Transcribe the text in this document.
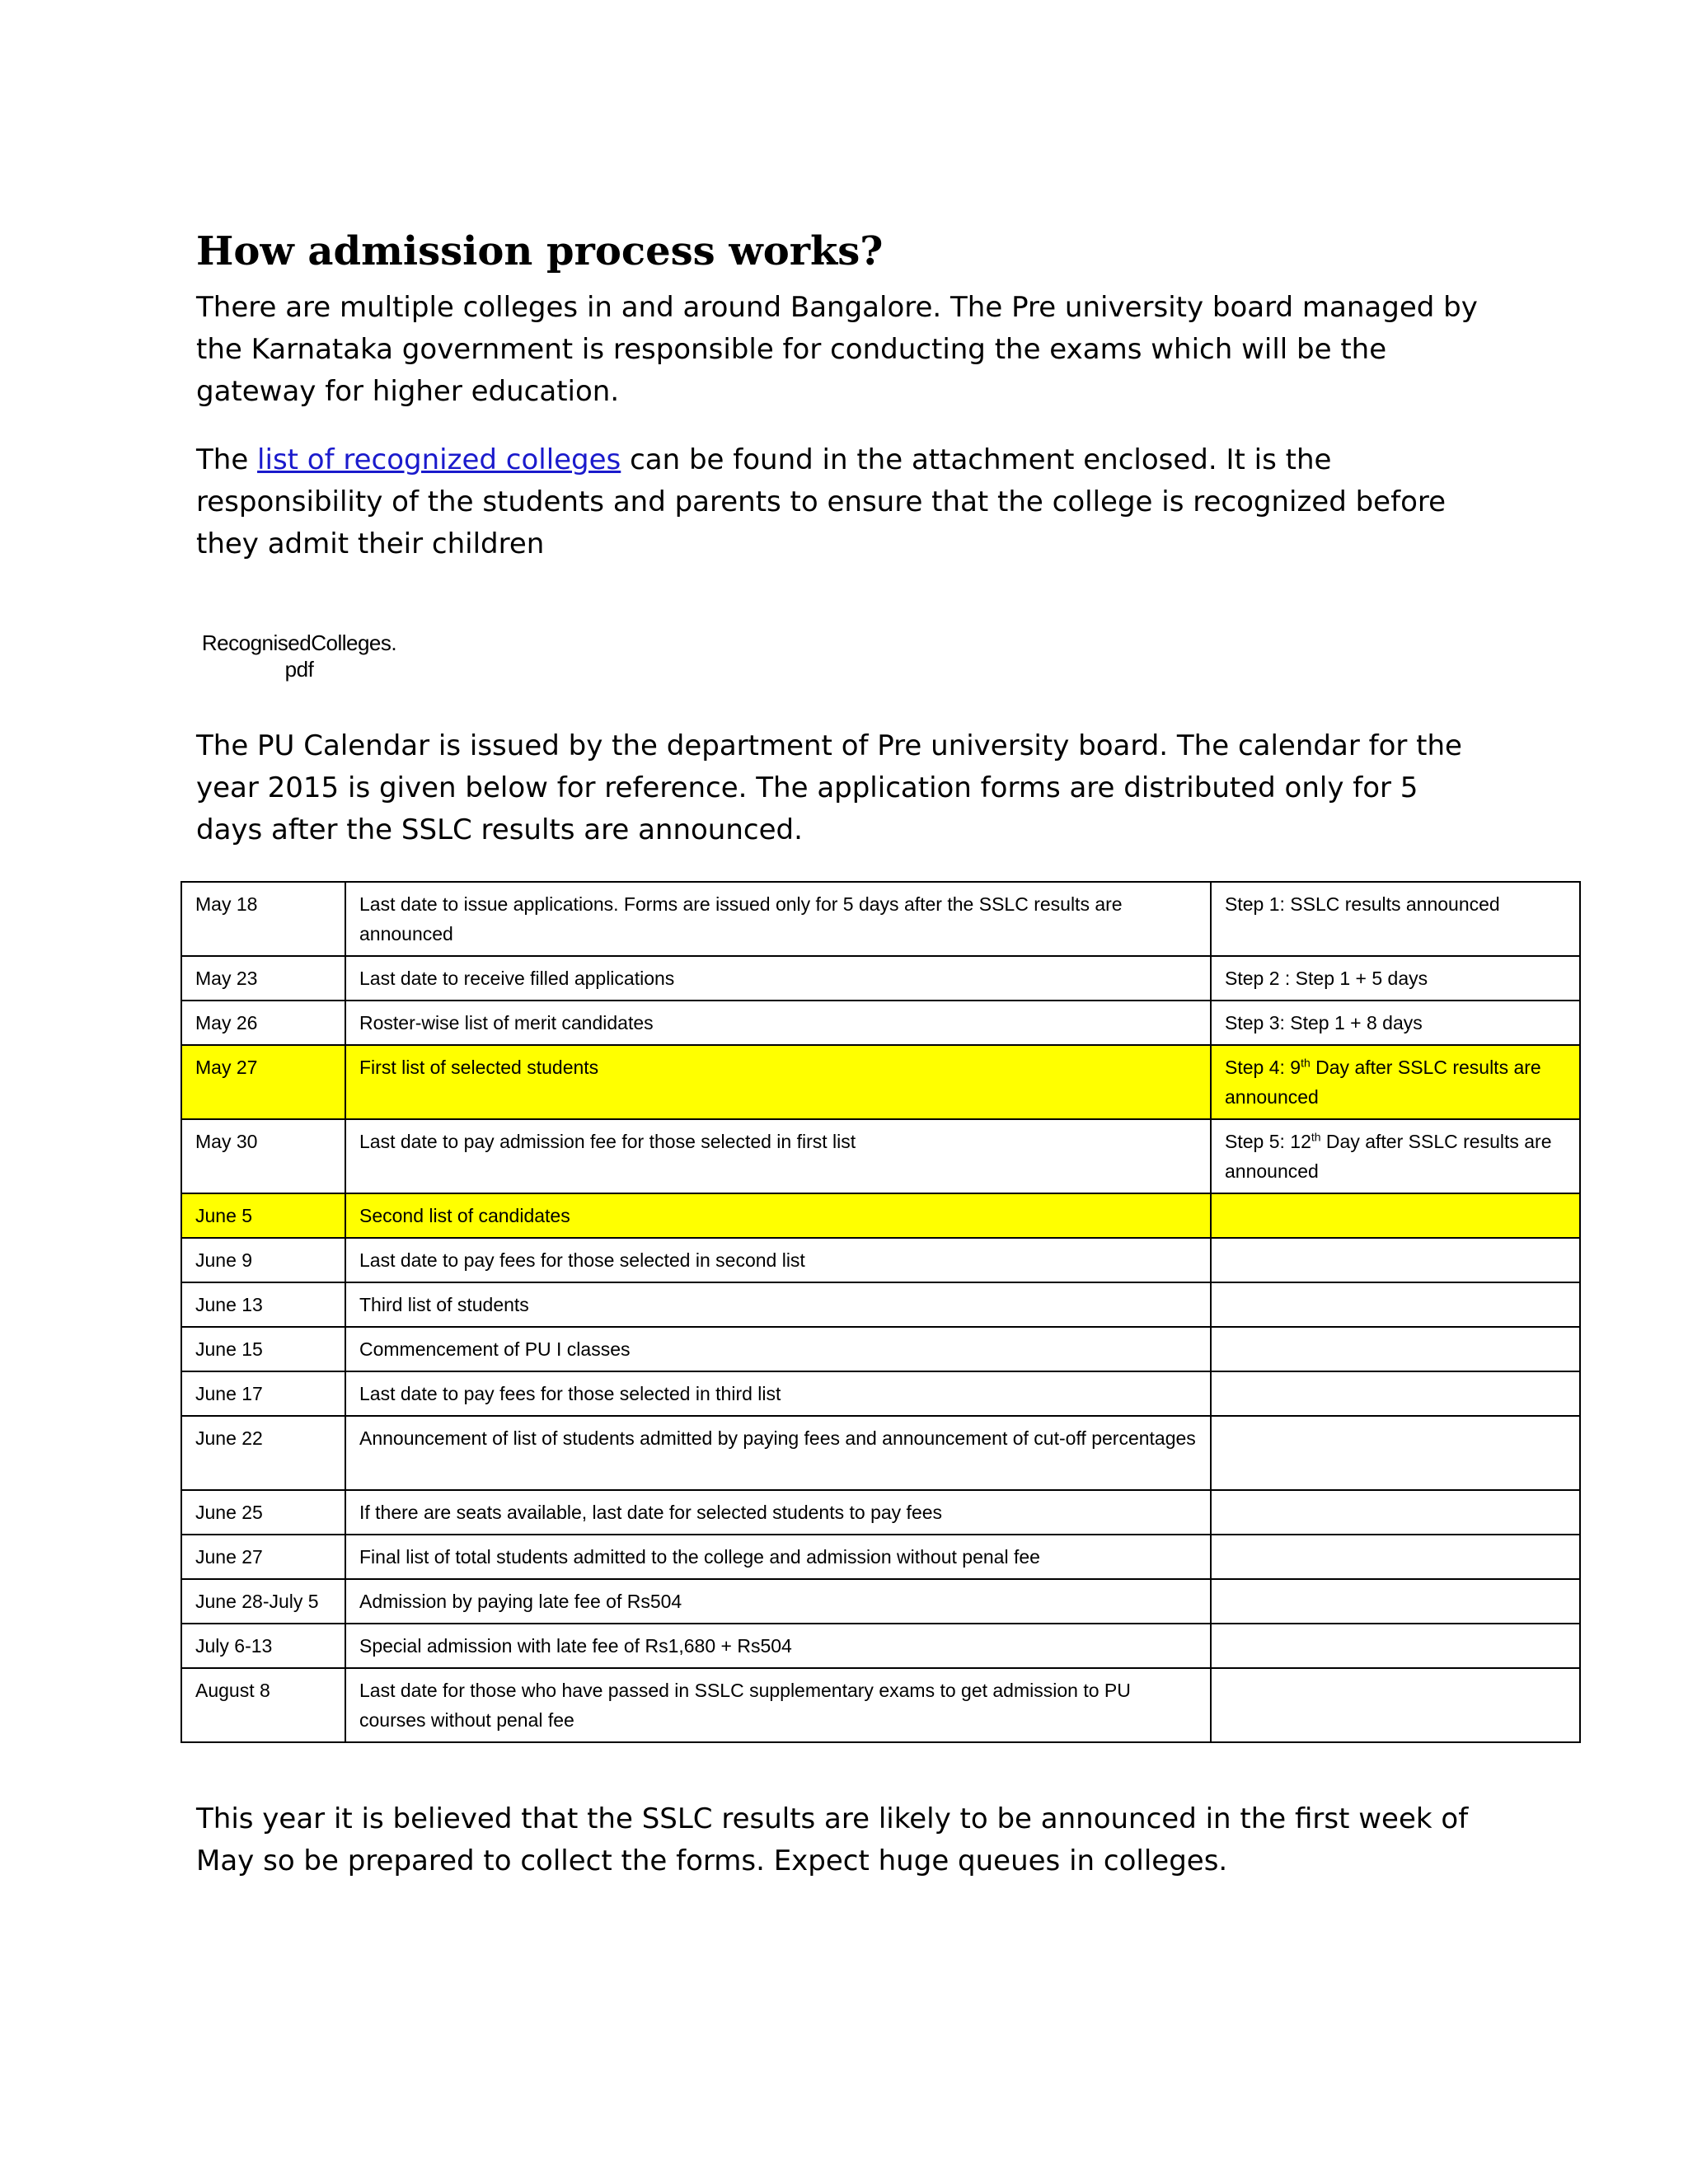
How admission process works?

There are multiple colleges in and around Bangalore. The Pre university board managed by the Karnataka government is responsible for conducting the exams which will be the gateway for higher education.

The list of recognized colleges can be found in the attachment enclosed. It is the responsibility of the students and parents to ensure that the college is recognized before they admit their children

RecognisedColleges.
pdf

The PU Calendar is issued by the department of Pre university board. The calendar for the year 2015 is given below for reference. The application forms are distributed only for 5 days after the SSLC results are announced.

May 18	Last date to issue applications. Forms are issued only for 5 days after the SSLC results are announced	Step 1: SSLC results announced
May 23	Last date to receive filled applications	Step 2 : Step 1 + 5 days
May 26	Roster-wise list of merit candidates	Step 3: Step 1 + 8 days
May 27	First list of selected students	Step 4: 9th Day after SSLC results are announced
May 30	Last date to pay admission fee for those selected in first list	Step 5: 12th Day after SSLC results are announced
June 5	Second list of candidates	
June 9	Last date to pay fees for those selected in second list	
June 13	Third list of students	
June 15	Commencement of PU I classes	
June 17	Last date to pay fees for those selected in third list	
June 22	Announcement of list of students admitted by paying fees and announcement of cut-off percentages	
June 25	If there are seats available, last date for selected students to pay fees	
June 27	Final list of total students admitted to the college and admission without penal fee	
June 28-July 5	Admission by paying late fee of Rs504	
July 6-13	Special admission with late fee of Rs1,680 + Rs504	
August 8	Last date for those who have passed in SSLC supplementary exams to get admission to PU courses without penal fee	

This year it is believed that the SSLC results are likely to be announced in the first week of May so be prepared to collect the forms. Expect huge queues in colleges.
